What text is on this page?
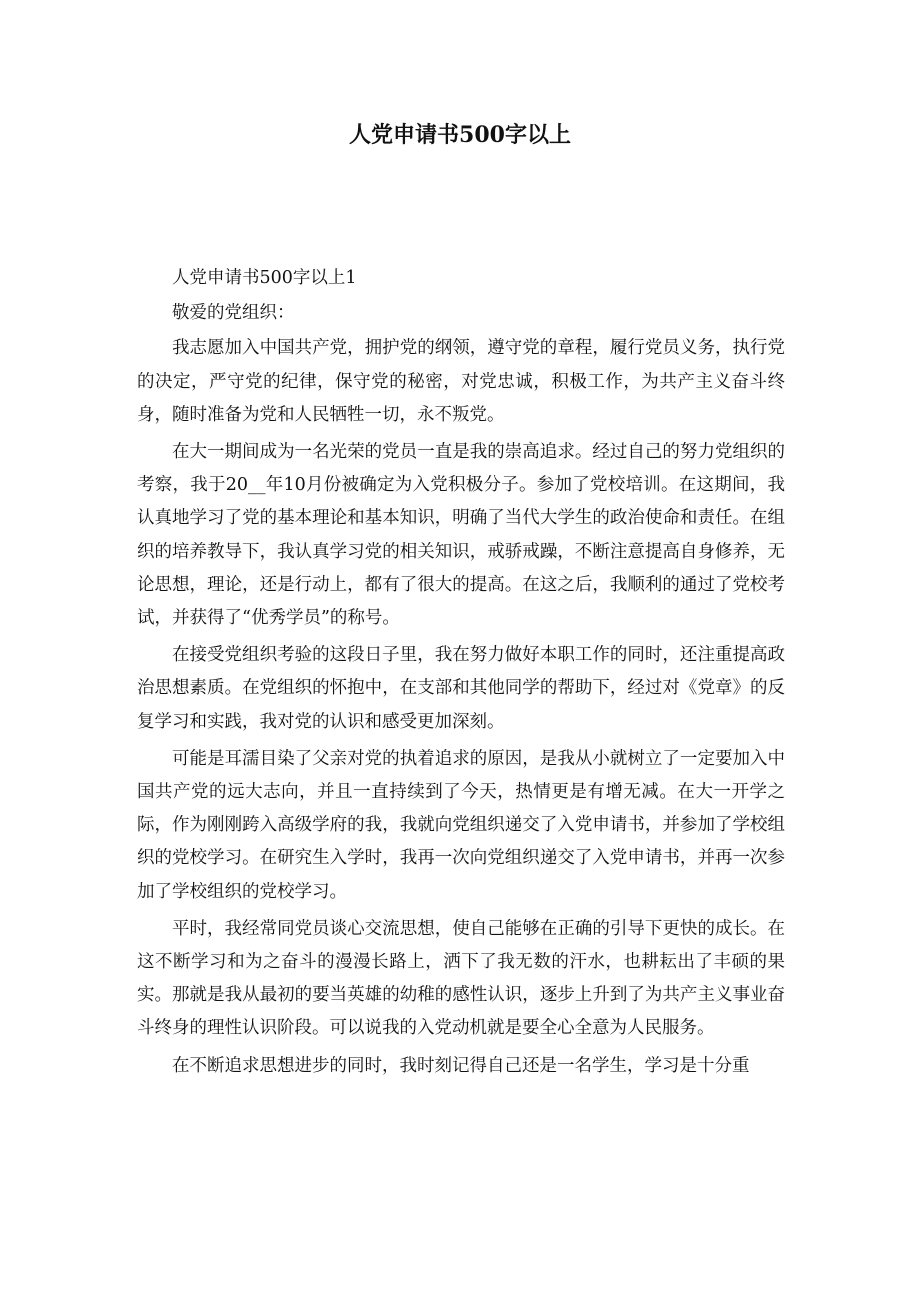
人党申请书500字以上

人党申请书500字以上1

敬爱的党组织：

我志愿加入中国共产党，拥护党的纲领，遵守党的章程，履行党员义务，执行党的决定，严守党的纪律，保守党的秘密，对党忠诚，积极工作，为共产主义奋斗终身，随时准备为党和人民牺牲一切，永不叛党。

在大一期间成为一名光荣的党员一直是我的崇高追求。经过自己的努力党组织的考察，我于20__年10月份被确定为入党积极分子。参加了党校培训。在这期间，我认真地学习了党的基本理论和基本知识，明确了当代大学生的政治使命和责任。在组织的培养教导下，我认真学习党的相关知识，戒骄戒躁，不断注意提高自身修养，无论思想，理论，还是行动上，都有了很大的提高。在这之后，我顺利的通过了党校考试，并获得了“优秀学员”的称号。

在接受党组织考验的这段日子里，我在努力做好本职工作的同时，还注重提高政治思想素质。在党组织的怀抱中，在支部和其他同学的帮助下，经过对《党章》的反复学习和实践，我对党的认识和感受更加深刻。

可能是耳濡目染了父亲对党的执着追求的原因，是我从小就树立了一定要加入中国共产党的远大志向，并且一直持续到了今天，热情更是有增无减。在大一开学之际，作为刚刚跨入高级学府的我，我就向党组织递交了入党申请书，并参加了学校组织的党校学习。在研究生入学时，我再一次向党组织递交了入党申请书，并再一次参加了学校组织的党校学习。

平时，我经常同党员谈心交流思想，使自己能够在正确的引导下更快的成长。在这不断学习和为之奋斗的漫漫长路上，洒下了我无数的汗水，也耕耘出了丰硕的果实。那就是我从最初的要当英雄的幼稚的感性认识，逐步上升到了为共产主义事业奋斗终身的理性认识阶段。可以说我的入党动机就是要全心全意为人民服务。

在不断追求思想进步的同时，我时刻记得自己还是一名学生，学习是十分重
